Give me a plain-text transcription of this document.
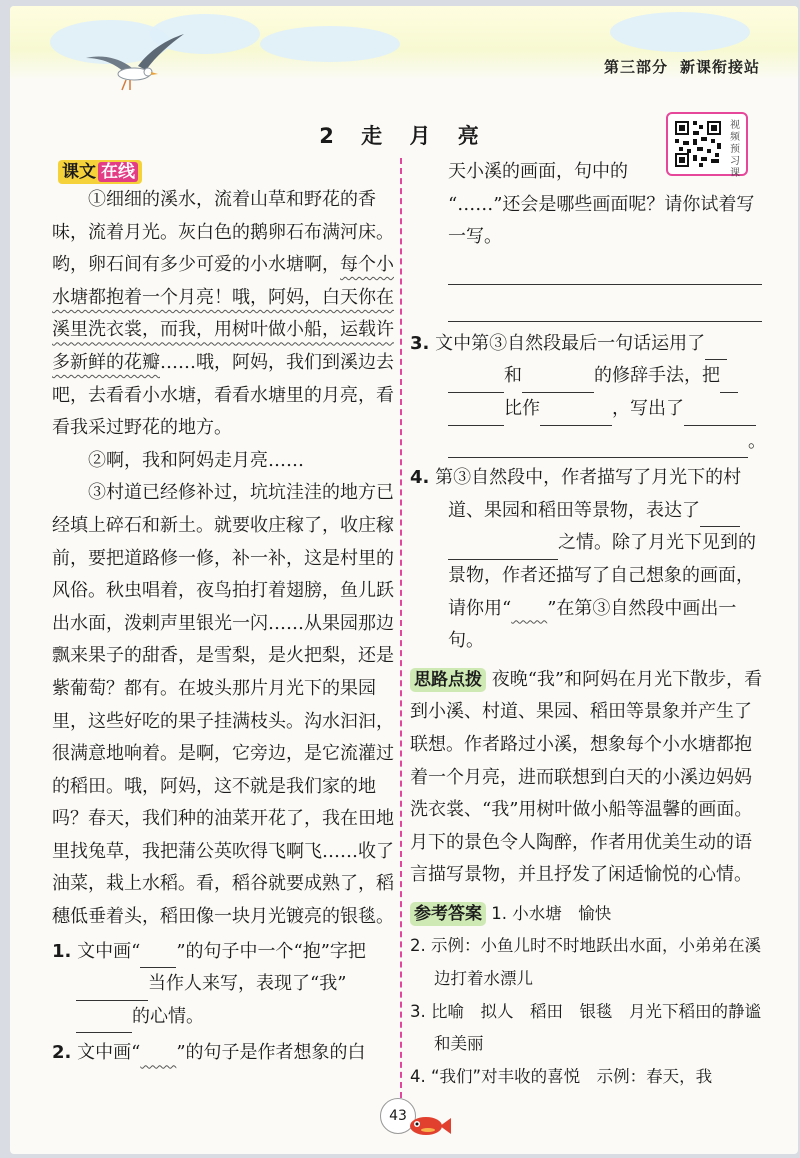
第三部分 新课衔接站
2 走 月 亮	视频预习课
课文 在线

①细细的溪水，流着山草和野花的香味，流着月光。灰白色的鹅卵石布满河床。哟，卵石间有多少可爱的小水塘啊，每个小水塘都抱着一个月亮！哦，阿妈，白天你在溪里洗衣裳，而我，用树叶做小船，运载许多新鲜的花瓣……哦，阿妈，我们到溪边去吧，去看看小水塘，看看水塘里的月亮，看看我采过野花的地方。

②啊，我和阿妈走月亮……

③村道已经修补过，坑坑洼洼的地方已经填上碎石和新土。就要收庄稼了，收庄稼前，要把道路修一修，补一补，这是村里的风俗。秋虫唱着，夜鸟拍打着翅膀，鱼儿跃出水面，泼剌声里银光一闪……从果园那边飘来果子的甜香，是雪梨，是火把梨，还是紫葡萄？都有。在坡头那片月光下的果园里，这些好吃的果子挂满枝头。沟水汩汩，很满意地响着。是啊，它旁边，是它流灌过的稻田。哦，阿妈，这不就是我们家的地吗？春天，我们种的油菜开花了，我在田地里找兔草，我把蒲公英吹得飞啊飞……收了油菜，栽上水稻。看，稻谷就要成熟了，稻穗低垂着头，稻田像一块月光镀亮的银毯。

1. 文中画“ ”的句子中一个“抱”字把当作人来写，表现了“我”的心情。

2. 文中画“　　 ”的句子是作者想象的白

天小溪的画面，句中的

“……”还会是哪些画面呢？请你试着写一写。

3. 文中第③自然段最后一句话运用了和	的修辞手法，把比作	，写出了。

4. 第③自然段中，作者描写了月光下的村道、果园和稻田等景物，表达了之情。除了月光下见到的景物，作者还描写了自己想象的画面，请你用“　　 ”在第③自然段中画出一句。

思路点拨 夜晚“我”和阿妈在月光下散步，看到小溪、村道、果园、稻田等景象并产生了联想。作者路过小溪，想象每个小水塘都抱着一个月亮，进而联想到白天的小溪边妈妈洗衣裳、“我”用树叶做小船等温馨的画面。月下的景色令人陶醉，作者用优美生动的语言描写景物，并且抒发了闲适愉悦的心情。

参考答案 1. 小水塘　愉快

2. 示例：小鱼儿时不时地跃出水面，小弟弟在溪边打着水漂儿

3. 比喻　拟人　稻田　银毯　月光下稻田的静谧和美丽

4. “我们”对丰收的喜悦　示例：春天，我

43
